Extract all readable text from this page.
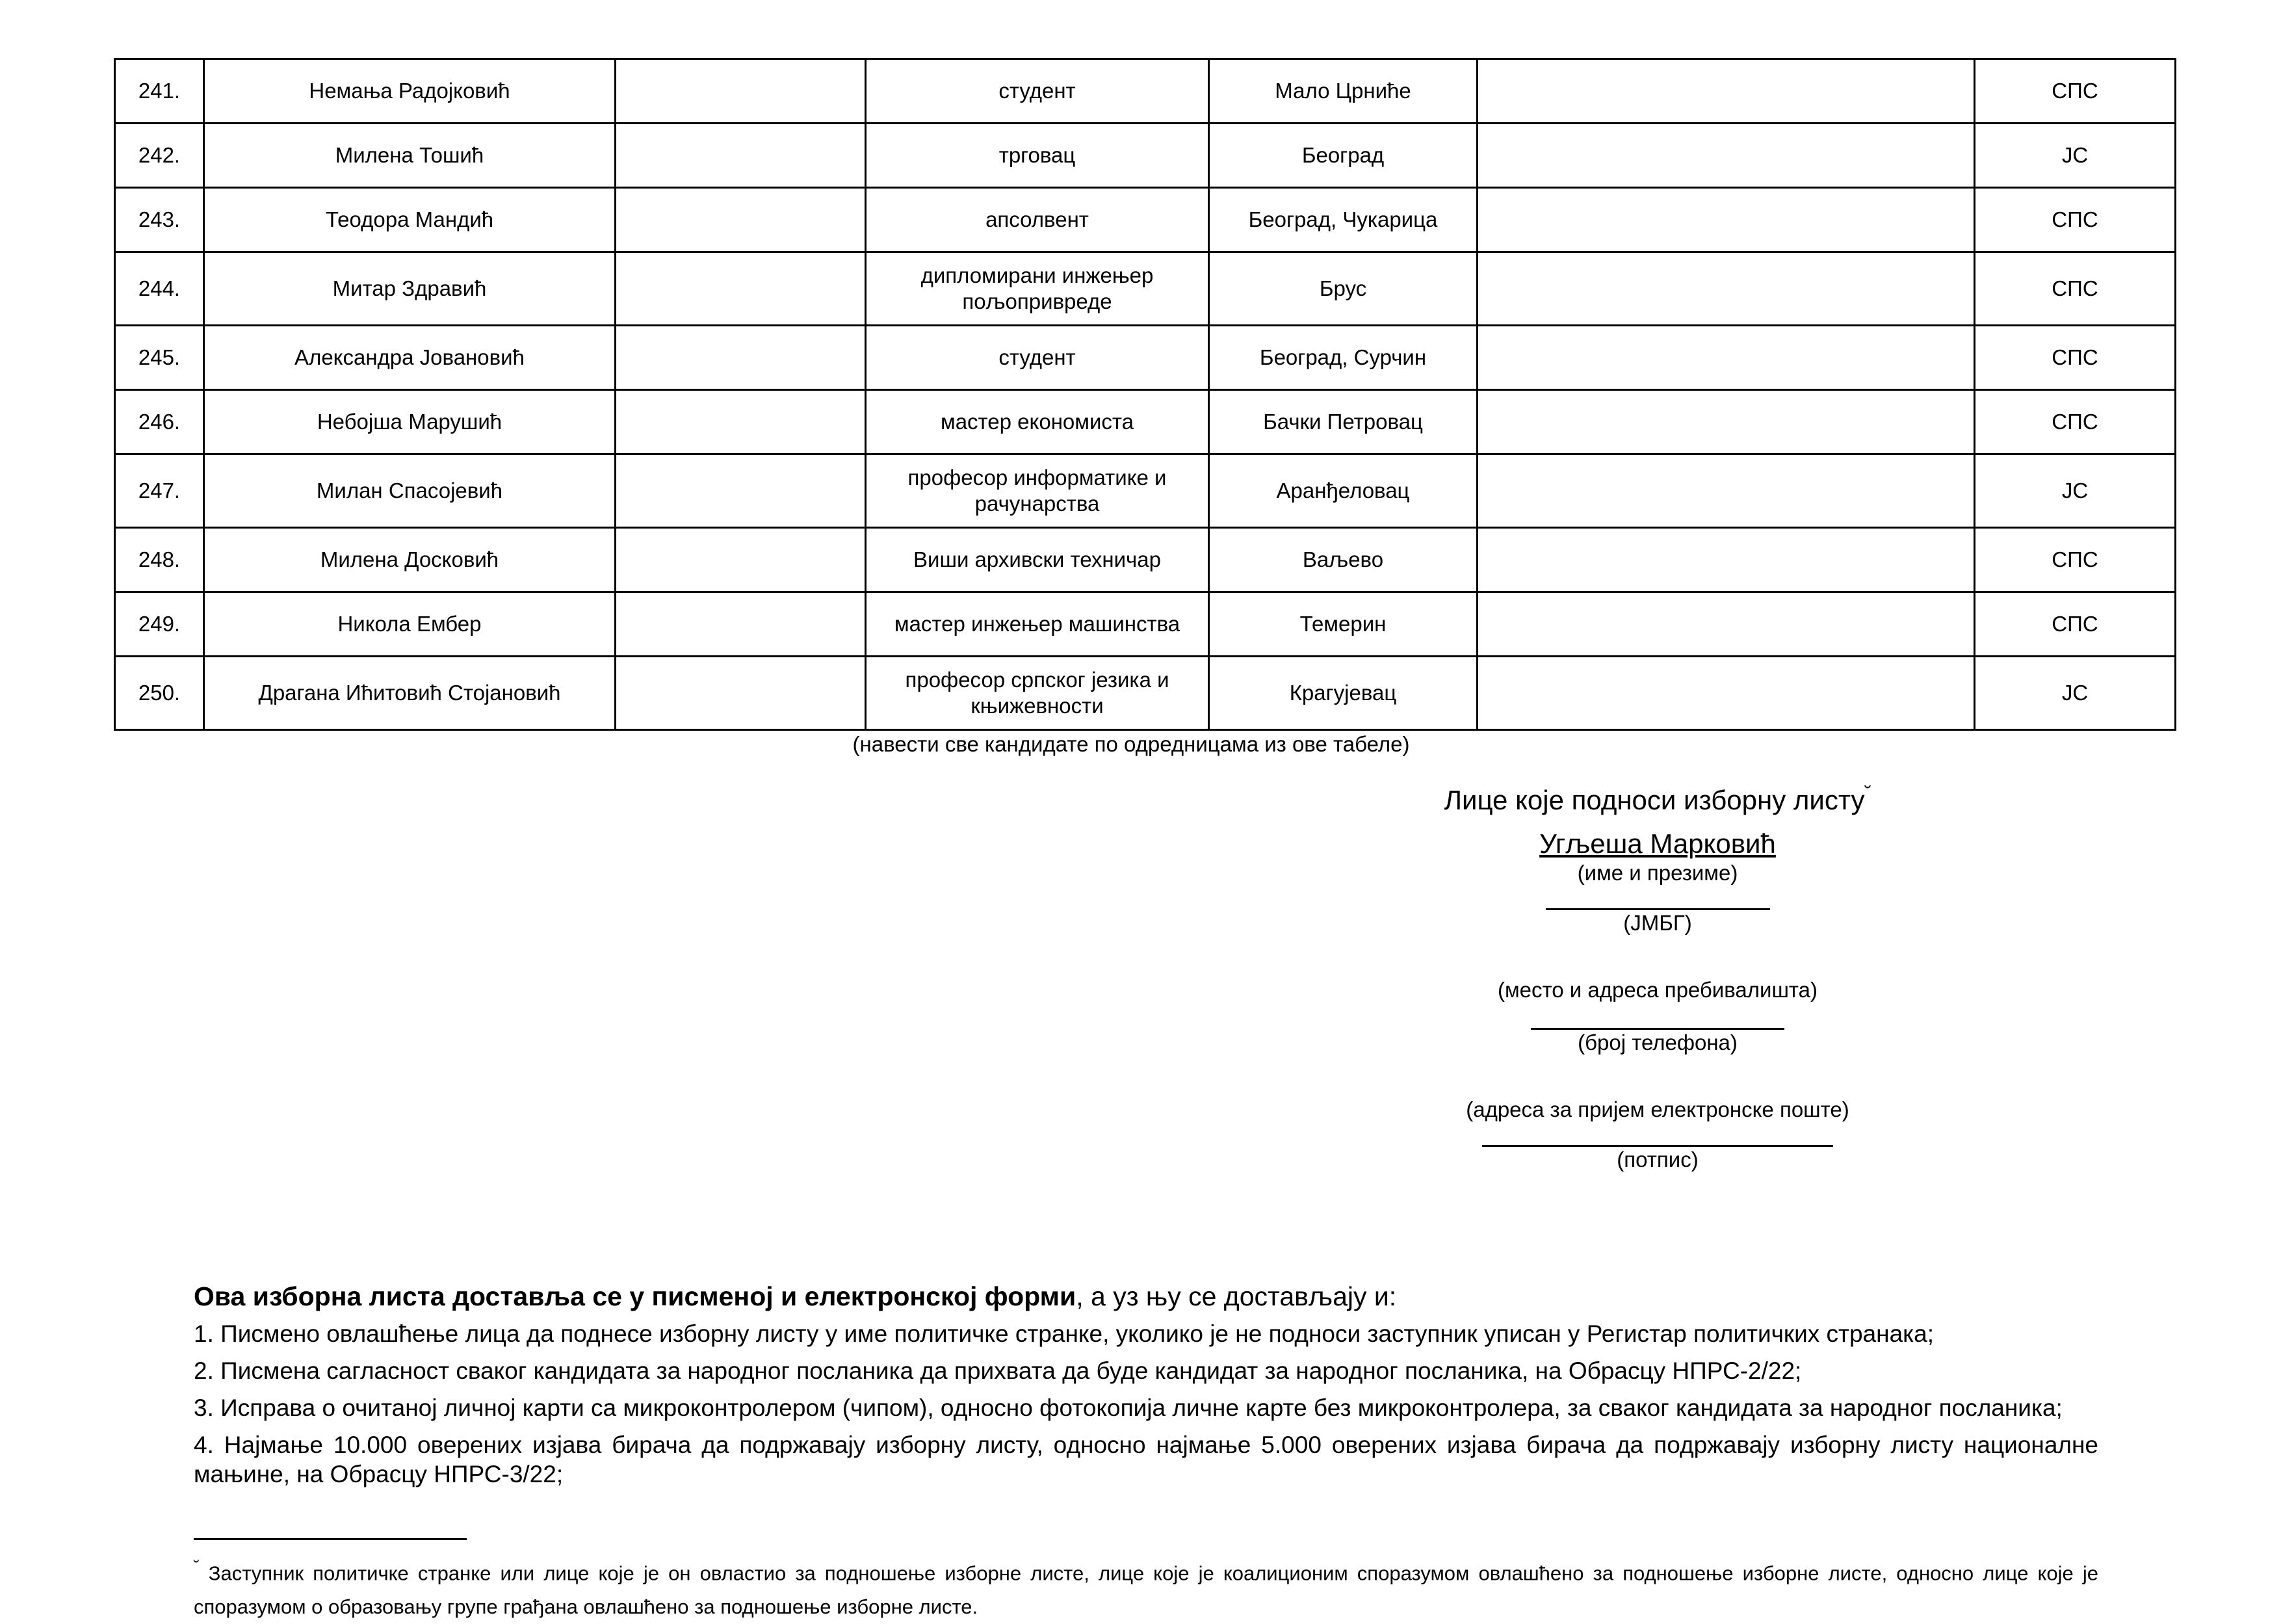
241.	Немања Радојковић		студент	Мало Црниће		СПС
242.	Милена Тошић		трговац	Београд		JC
243.	Теодора Мандић		апсолвент	Београд, Чукарица		СПС
244.	Митар Здравић		дипломирани инжењер пољопривреде	Брус		СПС
245.	Александра Јовановић		студент	Београд, Сурчин		СПС
246.	Небојша Марушић		мастер економиста	Бачки Петровац		СПС
247.	Милан Спасојевић		професор информатике и рачунарства	Аранђеловац		JC
248.	Милена Досковић		Виши архивски техничар	Ваљево		СПС
249.	Никола Ембер		мастер инжењер машинства	Темерин		СПС
250.	Драгана Ићитовић Стојановић		професор српског језика и књижевности	Крагујевац		JC
(навести све кандидате по одредницама из ове табеле)
Лице које подноси изборну листу˘
Угљеша Марковић
(име и презиме)
(ЈМБГ)
(место и адреса пребивалишта)
(број телефона)
(адреса за пријем електронске поште)
(потпис)

Ова изборна листа доставља се у писменој и електронској форми, а уз њу се достављају и:

1. Писмено овлашћење лица да поднесе изборну листу у име политичке странке, уколико је не подноси заступник уписан у Регистар политичких странака;

2. Писмена сагласност сваког кандидата за народног посланика да прихвата да буде кандидат за народног посланика, на Обрасцу НПРС-2/22;

3. Исправа о очитаној личној карти са микроконтролером (чипом), односно фотокопија личне карте без микроконтролера, за сваког кандидата за народног посланика;

4. Најмање 10.000 оверених изјава бирача да подржавају изборну листу, односно најмање 5.000 оверених изјава бирача да подржавају изборну листу националне мањине, на Обрасцу НПРС-3/22;

˘ Заступник политичке странке или лице које је он овластио за подношење изборне листе, лице које је коалиционим споразумом овлашћено за подношење изборне листе, односно лице које је споразумом о образовању групе грађана овлашћено за подношење изборне листе.
